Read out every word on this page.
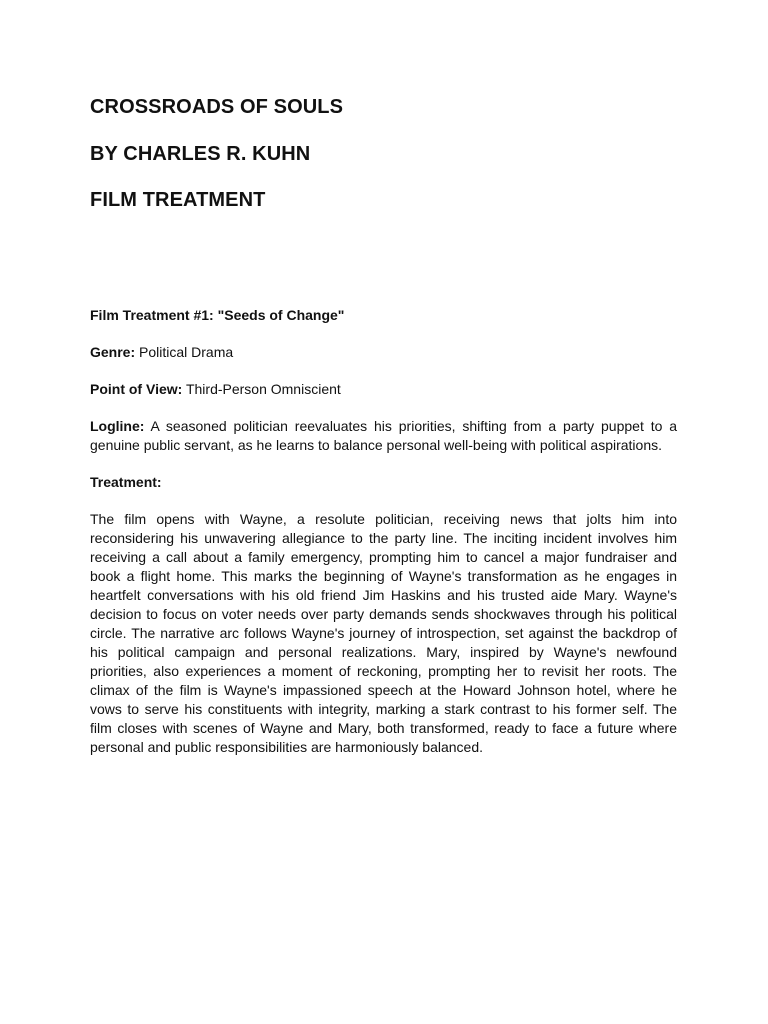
CROSSROADS OF SOULS
BY CHARLES R. KUHN
FILM TREATMENT

Film Treatment #1: "Seeds of Change"

Genre: Political Drama

Point of View: Third-Person Omniscient

Logline: A seasoned politician reevaluates his priorities, shifting from a party puppet to a genuine public servant, as he learns to balance personal well-being with political aspirations.

Treatment:

The film opens with Wayne, a resolute politician, receiving news that jolts him into reconsidering his unwavering allegiance to the party line. The inciting incident involves him receiving a call about a family emergency, prompting him to cancel a major fundraiser and book a flight home. This marks the beginning of Wayne's transformation as he engages in heartfelt conversations with his old friend Jim Haskins and his trusted aide Mary. Wayne's decision to focus on voter needs over party demands sends shockwaves through his political circle. The narrative arc follows Wayne's journey of introspection, set against the backdrop of his political campaign and personal realizations. Mary, inspired by Wayne's newfound priorities, also experiences a moment of reckoning, prompting her to revisit her roots. The climax of the film is Wayne's impassioned speech at the Howard Johnson hotel, where he vows to serve his constituents with integrity, marking a stark contrast to his former self. The film closes with scenes of Wayne and Mary, both transformed, ready to face a future where personal and public responsibilities are harmoniously balanced.
